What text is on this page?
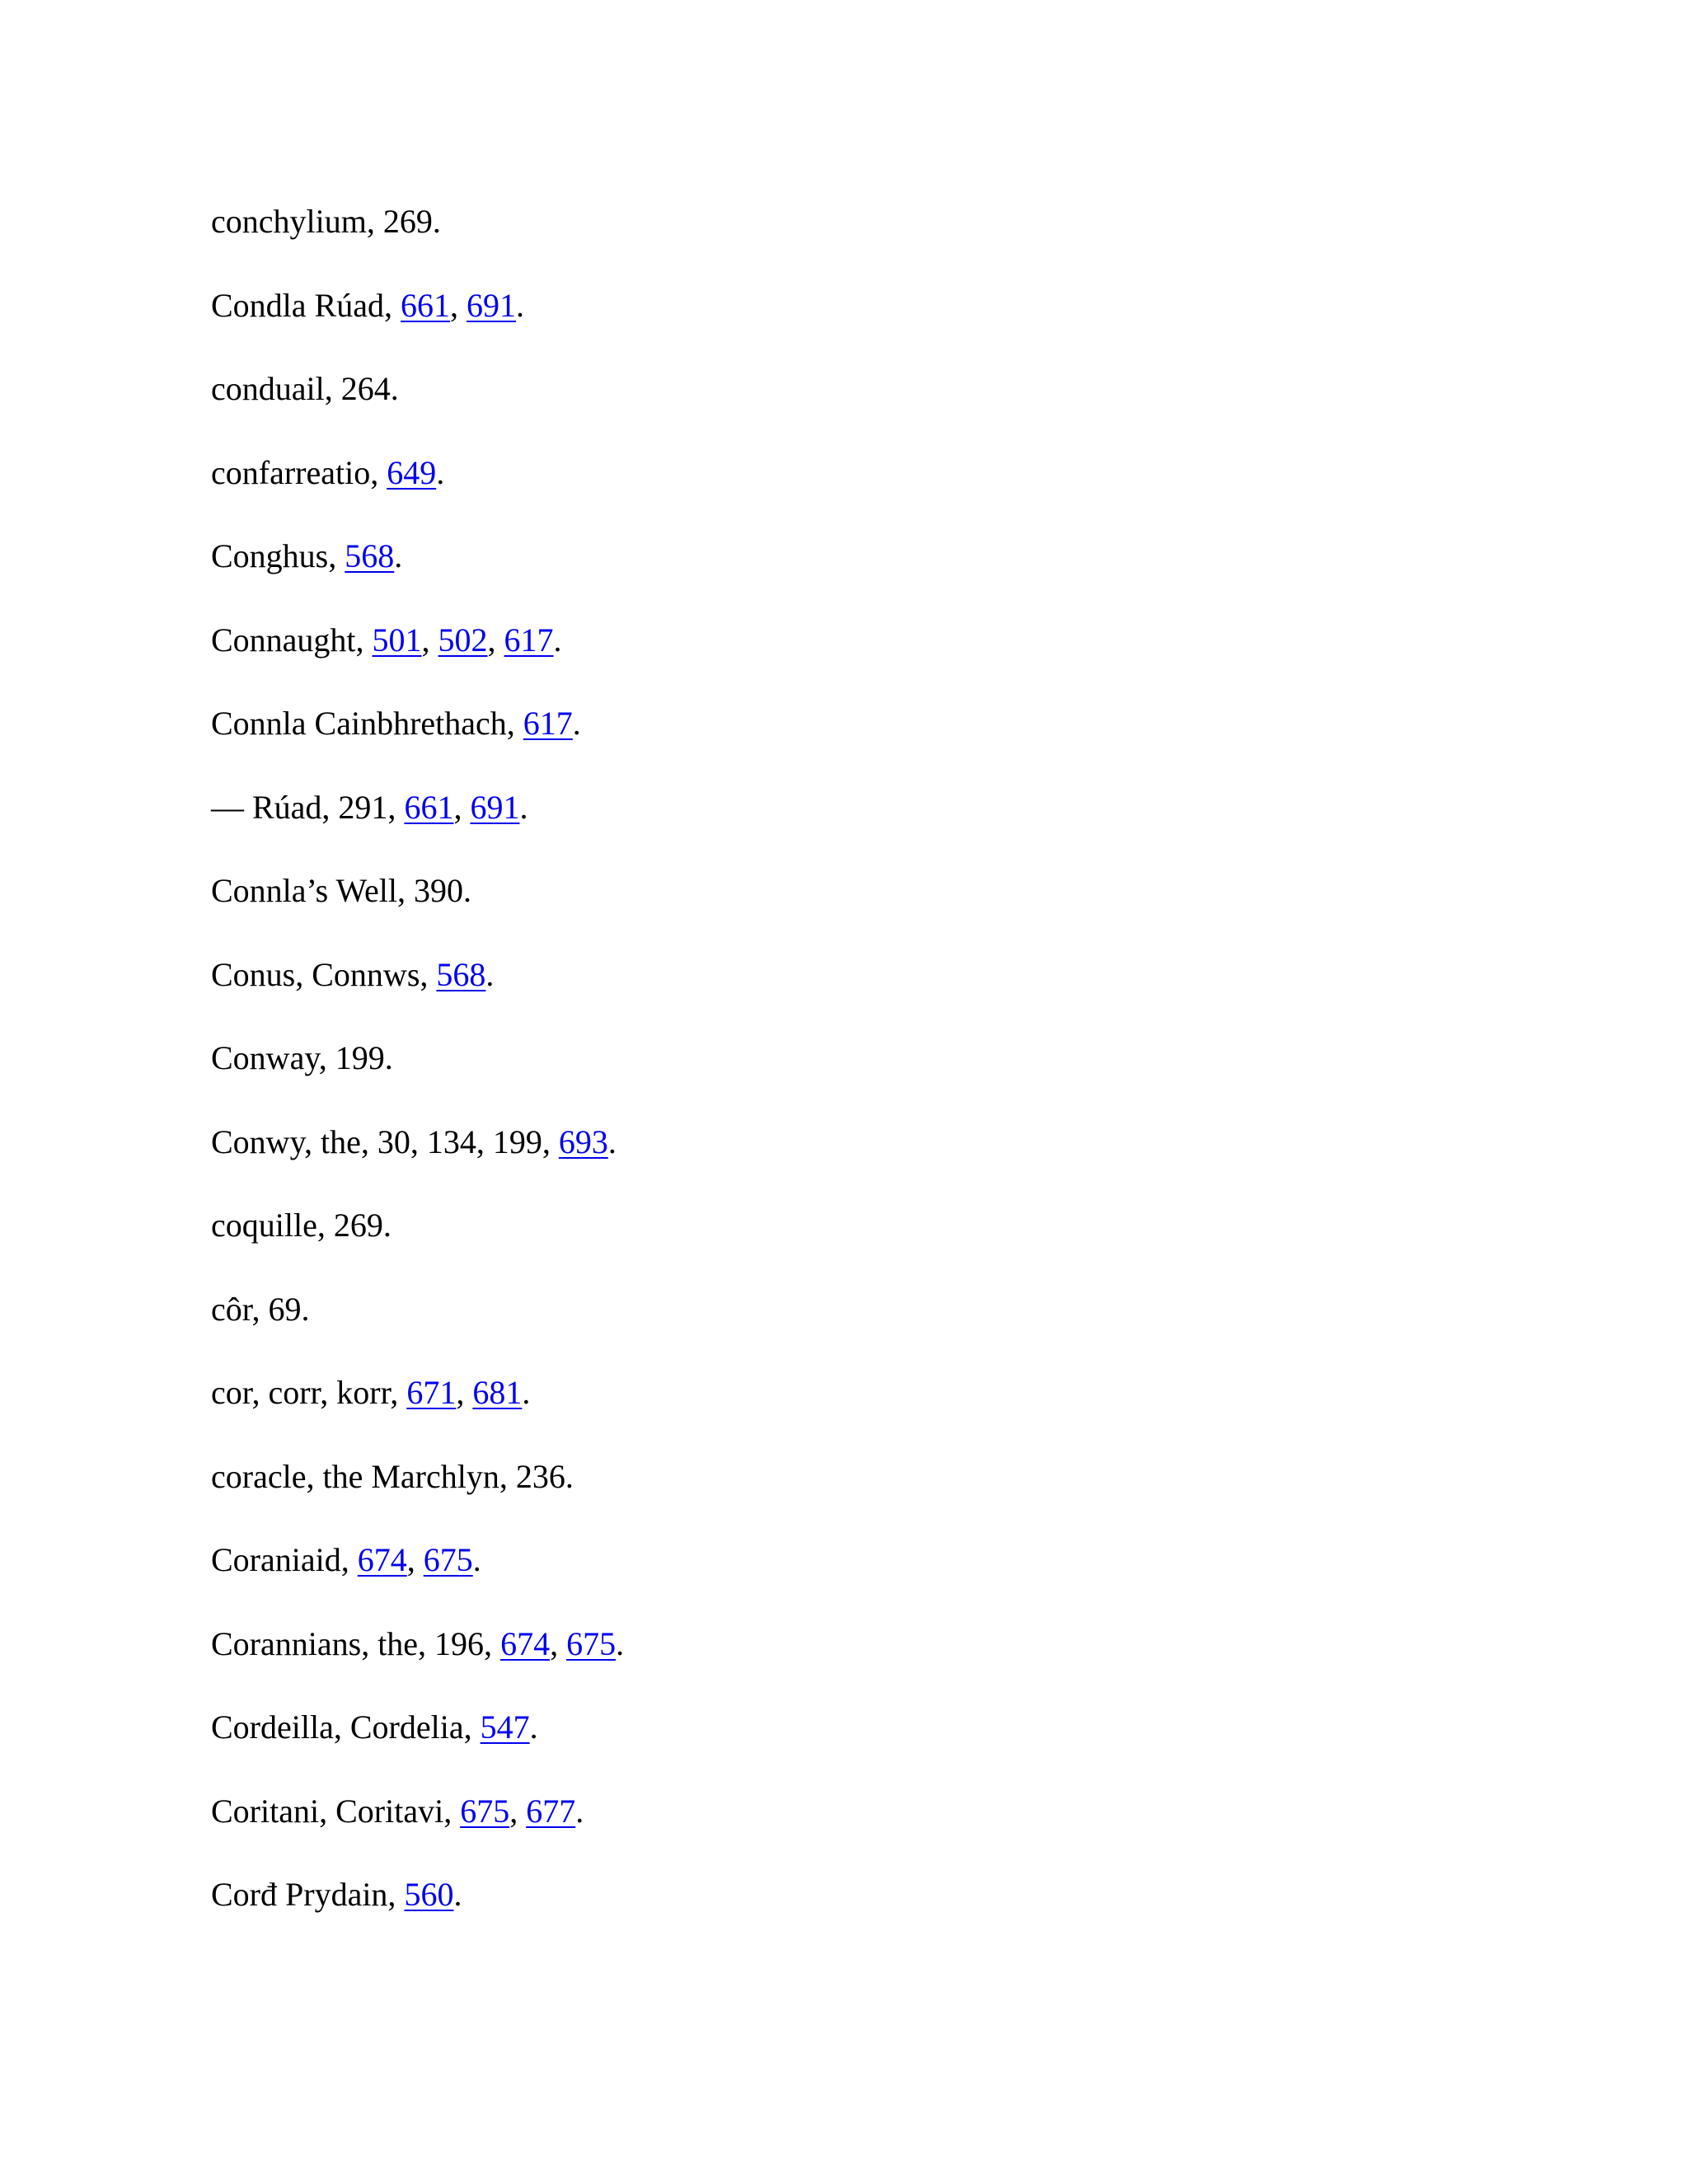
conchylium, 269.
Condla Rúad, 661, 691.
conduail, 264.
confarreatio, 649.
Conghus, 568.
Connaught, 501, 502, 617.
Connla Cainbhrethach, 617.
— Rúad, 291, 661, 691.
Connla’s Well, 390.
Conus, Connws, 568.
Conway, 199.
Conwy, the, 30, 134, 199, 693.
coquille, 269.
côr, 69.
cor, corr, korr, 671, 681.
coracle, the Marchlyn, 236.
Coraniaid, 674, 675.
Corannians, the, 196, 674, 675.
Cordeilla, Cordelia, 547.
Coritani, Coritavi, 675, 677.
Corđ Prydain, 560.
